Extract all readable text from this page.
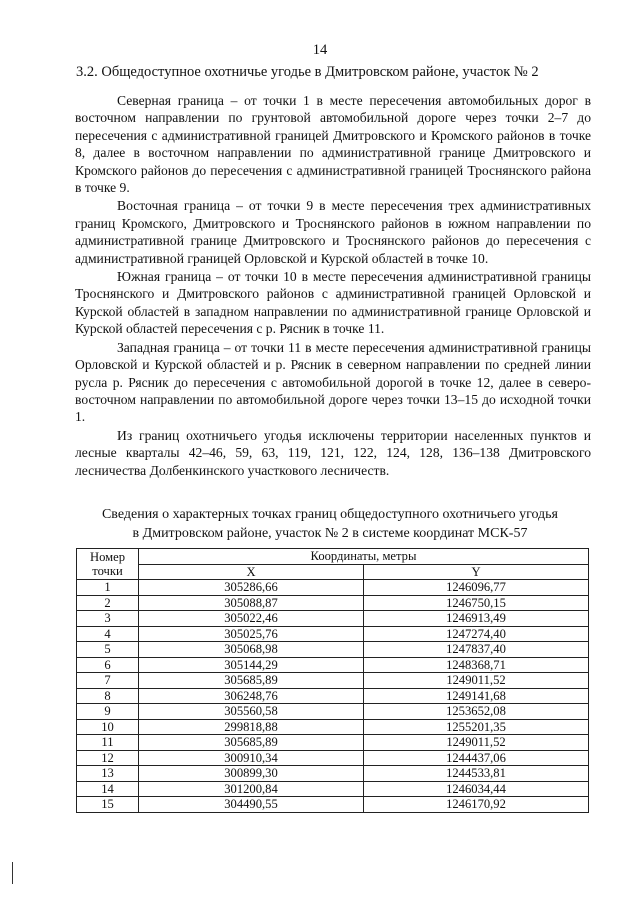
14
3.2. Общедоступное охотничье угодье в Дмитровском районе, участок № 2

Северная граница – от точки 1 в месте пересечения автомобильных дорог в восточном направлении по грунтовой автомобильной дороге через точки 2–7 до пересечения с административной границей Дмитровского и Кромского районов в точке 8, далее в восточном направлении по административной границе Дмитровского и Кромского районов до пересечения с административной границей Троснянского района в точке 9.

Восточная граница – от точки 9 в месте пересечения трех административных границ Кромского, Дмитровского и Троснянского районов в южном направлении по административной границе Дмитровского и Троснянского районов до пересечения с административной границей Орловской и Курской областей в точке 10.

Южная граница – от точки 10 в месте пересечения административной границы Троснянского и Дмитровского районов с административной границей Орловской и Курской областей в западном направлении по административной границе Орловской и Курской областей пересечения с р. Рясник в точке 11.

Западная граница – от точки 11 в месте пересечения административной границы Орловской и Курской областей и р. Рясник в северном направлении по средней линии русла р. Рясник до пересечения с автомобильной дорогой в точке 12, далее в северо-восточном направлении по автомобильной дороге через точки 13–15 до исходной точки 1.

Из границ охотничьего угодья исключены территории населенных пунктов и лесные кварталы 42–46, 59, 63, 119, 121, 122, 124, 128, 136–138 Дмитровского лесничества Долбенкинского участкового лесничеств.

Сведения о характерных точках границ общедоступного охотничьего угодья
в Дмитровском районе, участок № 2 в системе координат МСК-57
Номер
точки	Координаты, метры	
	X	Y
1	305286,66	1246096,77
2	305088,87	1246750,15
3	305022,46	1246913,49
4	305025,76	1247274,40
5	305068,98	1247837,40
6	305144,29	1248368,71
7	305685,89	1249011,52
8	306248,76	1249141,68
9	305560,58	1253652,08
10	299818,88	1255201,35
11	305685,89	1249011,52
12	300910,34	1244437,06
13	300899,30	1244533,81
14	301200,84	1246034,44
15	304490,55	1246170,92
